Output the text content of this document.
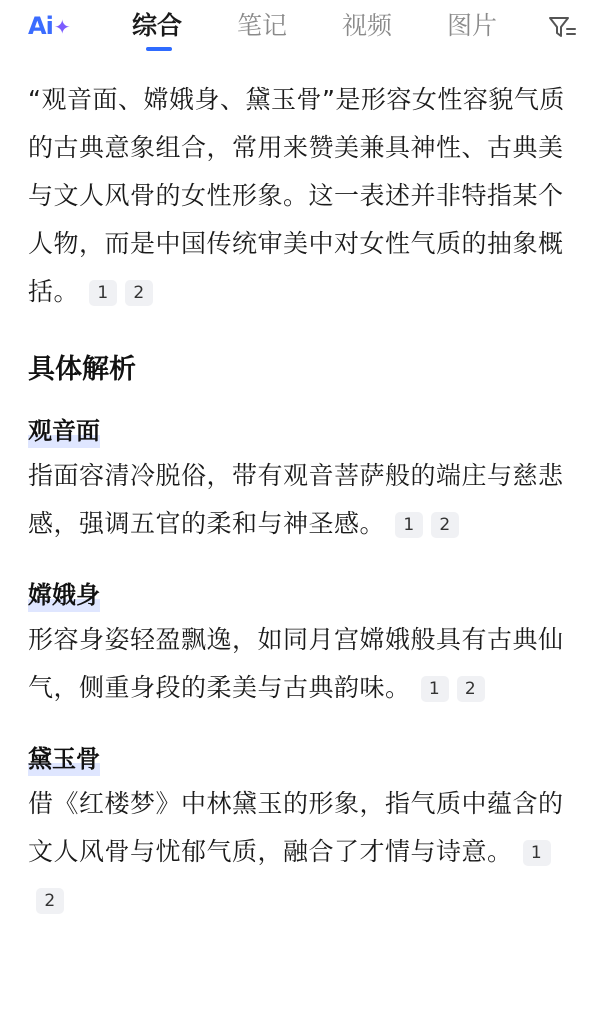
Ai✦ 综合 笔记 视频 图片

“观音面、嫦娥身、黛玉骨”是形容女性容貌气质的古典意象组合，常用来赞美兼具神性、古典美与文人风骨的女性形象。这一表述并非特指某个人物，而是中国传统审美中对女性气质的抽象概括。 1 2

具体解析
观音面

指面容清冷脱俗，带有观音菩萨般的端庄与慈悲感，强调五官的柔和与神圣感。 1 2

嫦娥身

形容身姿轻盈飘逸，如同月宫嫦娥般具有古典仙气，侧重身段的柔美与古典韵味。 1 2

黛玉骨

借《红楼梦》中林黛玉的形象，指气质中蕴含的文人风骨与忧郁气质，融合了才情与诗意。 12
